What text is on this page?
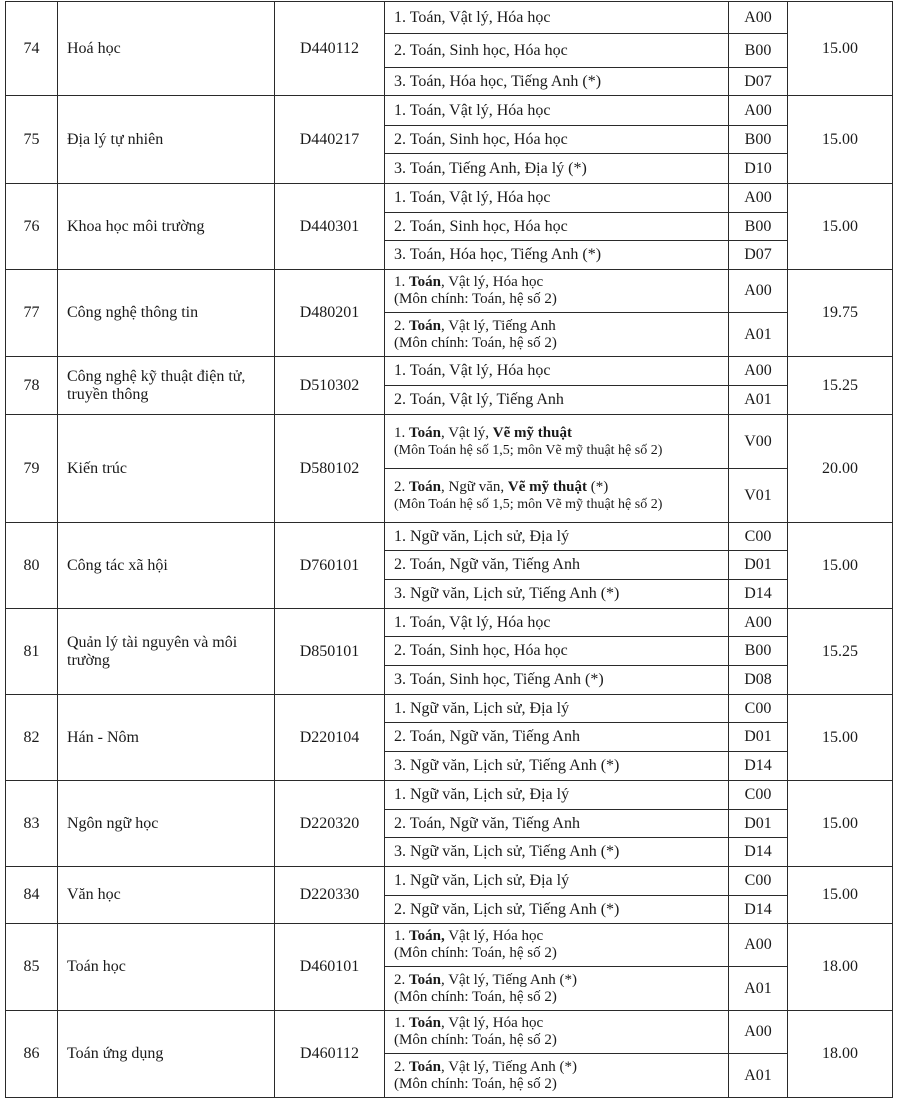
74	Hoá học	D440112	1. Toán, Vật lý, Hóa học	A00	15.00

			2. Toán, Sinh học, Hóa học	B00	

			3. Toán, Hóa học, Tiếng Anh (*)	D07	
75	Địa lý tự nhiên	D440217	1. Toán, Vật lý, Hóa học	A00	15.00

			2. Toán, Sinh học, Hóa học	B00	

			3. Toán, Tiếng Anh, Địa lý (*)	D10	
76	Khoa học môi trường	D440301	1. Toán, Vật lý, Hóa học	A00	15.00

			2. Toán, Sinh học, Hóa học	B00	

			3. Toán, Hóa học, Tiếng Anh (*)	D07	
77	Công nghệ thông tin	D480201	1. Toán, Vật lý, Hóa học
(Môn chính: Toán, hệ số 2)	A00	19.75

			2. Toán, Vật lý, Tiếng Anh
(Môn chính: Toán, hệ số 2)	A01	
78	Công nghệ kỹ thuật điện tử, truyền thông	D510302	1. Toán, Vật lý, Hóa học	A00	15.25

			2. Toán, Vật lý, Tiếng Anh	A01	
79	Kiến trúc	D580102	1. Toán, Vật lý, Vẽ mỹ thuật
(Môn Toán hệ số 1,5; môn Vẽ mỹ thuật hệ số 2)	V00	20.00

			2. Toán, Ngữ văn, Vẽ mỹ thuật (*)
(Môn Toán hệ số 1,5; môn Vẽ mỹ thuật hệ số 2)	V01	
80	Công tác xã hội	D760101	1. Ngữ văn, Lịch sử, Địa lý	C00	15.00

			2. Toán, Ngữ văn, Tiếng Anh	D01	

			3. Ngữ văn, Lịch sử, Tiếng Anh (*)	D14	
81	Quản lý tài nguyên và môi trường	D850101	1. Toán, Vật lý, Hóa học	A00	15.25

			2. Toán, Sinh học, Hóa học	B00	

			3. Toán, Sinh học, Tiếng Anh (*)	D08	
82	Hán - Nôm	D220104	1. Ngữ văn, Lịch sử, Địa lý	C00	15.00

			2. Toán, Ngữ văn, Tiếng Anh	D01	

			3. Ngữ văn, Lịch sử, Tiếng Anh (*)	D14	
83	Ngôn ngữ học	D220320	1. Ngữ văn, Lịch sử, Địa lý	C00	15.00

			2. Toán, Ngữ văn, Tiếng Anh	D01	

			3. Ngữ văn, Lịch sử, Tiếng Anh (*)	D14	
84	Văn học	D220330	1. Ngữ văn, Lịch sử, Địa lý	C00	15.00

			2. Ngữ văn, Lịch sử, Tiếng Anh (*)	D14	
85	Toán học	D460101	1. Toán, Vật lý, Hóa học
(Môn chính: Toán, hệ số 2)	A00	18.00

			2. Toán, Vật lý, Tiếng Anh (*)
(Môn chính: Toán, hệ số 2)	A01	
86	Toán ứng dụng	D460112	1. Toán, Vật lý, Hóa học
(Môn chính: Toán, hệ số 2)	A00	18.00

			2. Toán, Vật lý, Tiếng Anh (*)
(Môn chính: Toán, hệ số 2)	A01	
